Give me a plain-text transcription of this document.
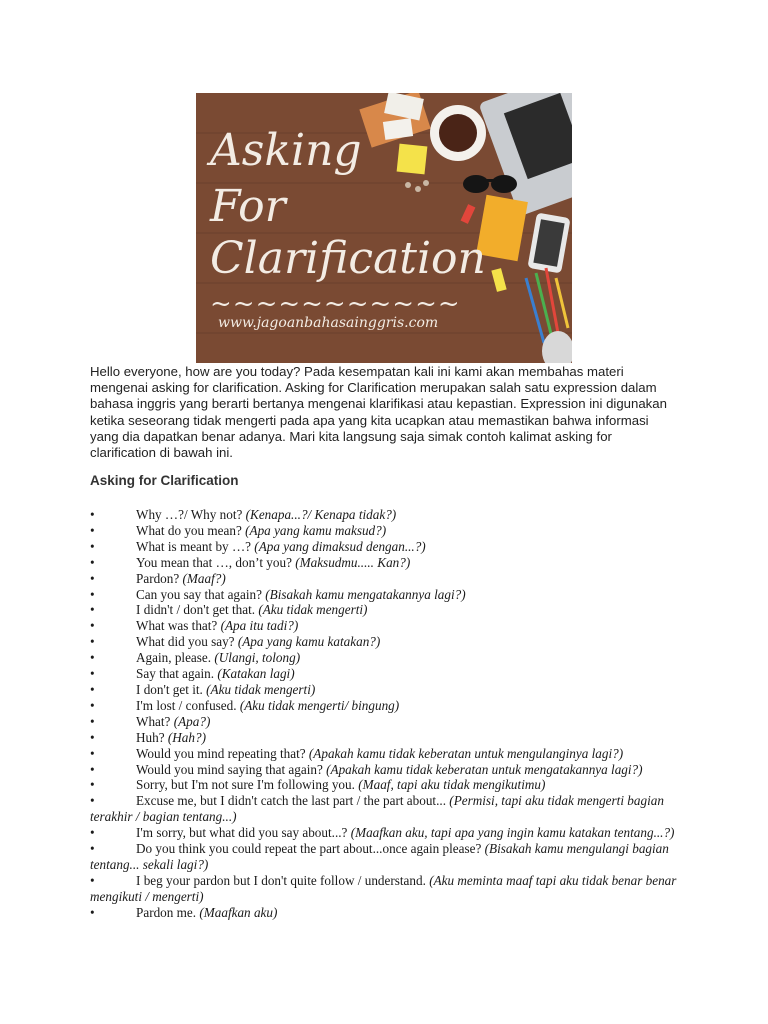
Asking
For
Clarification
~~~~~~~~~~~
www.jagoanbahasainggris.com

Hello everyone, how are you today? Pada kesempatan kali ini kami akan membahas materi mengenai asking for clarification. Asking for Clarification merupakan salah satu expression dalam bahasa inggris yang berarti bertanya mengenai klarifikasi atau kepastian. Expression ini digunakan ketika seseorang tidak mengerti pada apa yang kita ucapkan atau memastikan bahwa informasi yang dia dapatkan benar adanya. Mari kita langsung saja simak contoh kalimat asking for clarification di bawah ini.

Asking for Clarification
•	Why …?/ Why not? (Kenapa...?/ Kenapa tidak?)
•	What do you mean? (Apa yang kamu maksud?)
•	What is meant by …? (Apa yang dimaksud dengan...?)
•	You mean that …, don’t you? (Maksudmu..... Kan?)
•	Pardon? (Maaf?)
•	Can you say that again? (Bisakah kamu mengatakannya lagi?)
•	I didn't / don't get that. (Aku tidak mengerti)
•	What was that? (Apa itu tadi?)
•	What did you say? (Apa yang kamu katakan?)
•	Again, please. (Ulangi, tolong)
•	Say that again. (Katakan lagi)
•	I don't get it. (Aku tidak mengerti)
•	I'm lost / confused. (Aku tidak mengerti/ bingung)
•	What? (Apa?)
•	Huh? (Hah?)
•	Would you mind repeating that? (Apakah kamu tidak keberatan untuk mengulanginya lagi?)
•	Would you mind saying that again? (Apakah kamu tidak keberatan untuk mengatakannya lagi?)
•	Sorry, but I'm not sure I'm following you. (Maaf, tapi aku tidak mengikutimu)
•	Excuse me, but I didn't catch the last part / the part about... (Permisi, tapi aku tidak mengerti bagian terakhir / bagian tentang...)
•	I'm sorry, but what did you say about...? (Maafkan aku, tapi apa yang ingin kamu katakan tentang...?)
•	Do you think you could repeat the part about...once again please? (Bisakah kamu mengulangi bagian tentang... sekali lagi?)
•	I beg your pardon but I don't quite follow / understand. (Aku meminta maaf tapi aku tidak benar benar mengikuti / mengerti)
•	Pardon me. (Maafkan aku)
